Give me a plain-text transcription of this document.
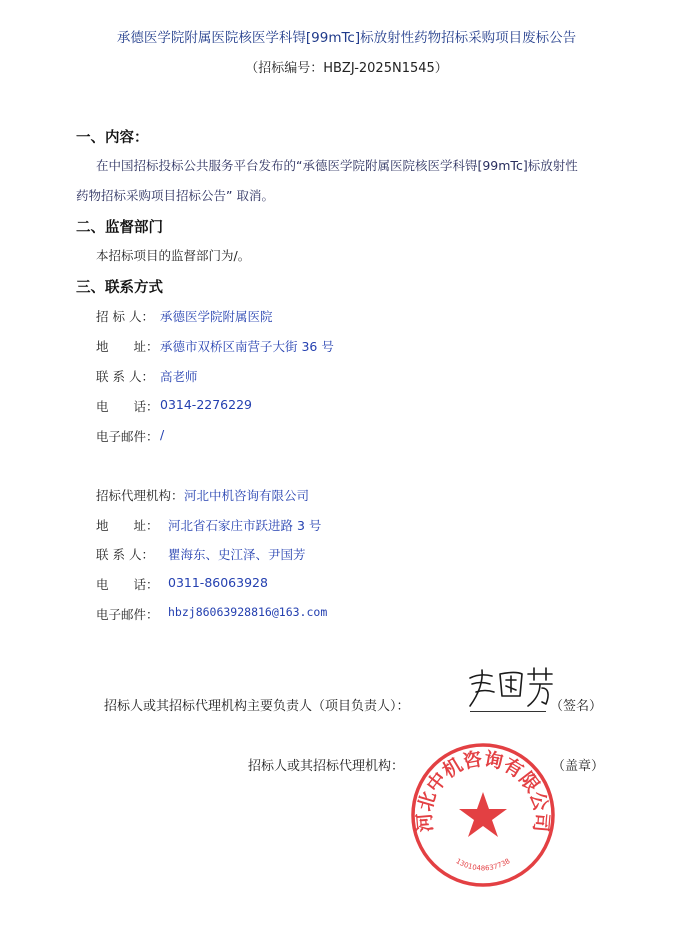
承德医学院附属医院核医学科锝[99mTc]标放射性药物招标采购项目废标公告
（招标编号：HBZJ-2025N1545）
一、内容：
在中国招标投标公共服务平台发布的“承德医学院附属医院核医学科锝[99mTc]标放射性
药物招标采购项目招标公告” 取消。
二、监督部门
本招标项目的监督部门为/。
三、联系方式
招 标 人： 承德医学院附属医院
地　　址： 承德市双桥区南营子大街 36 号
联 系 人： 高老师
电　　话： 0314-2276229
电子邮件： /
招标代理机构： 河北中机咨询有限公司
地　　址： 河北省石家庄市跃进路 3 号
联 系 人： 瞿海东、史江泽、尹国芳
电　　话： 0311-86063928
电子邮件： hbzj86063928816@163.com
招标人或其招标代理机构主要负责人（项目负责人）：	（签名）
招标人或其招标代理机构：	（盖章）
河北中机咨询有限公司
1301048637738
